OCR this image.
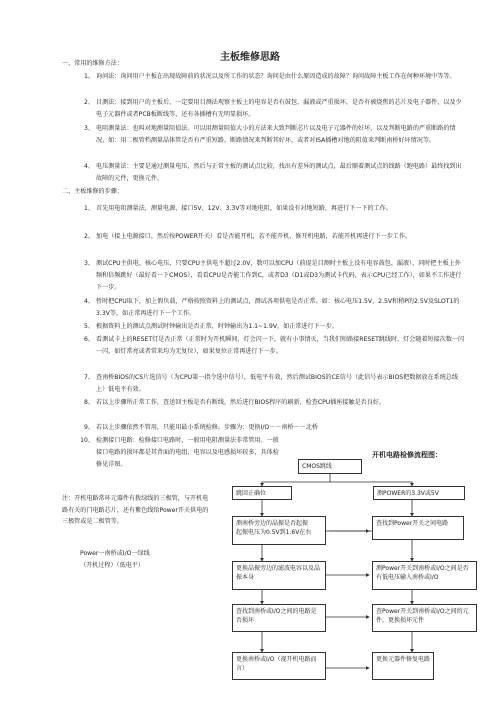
主板维修思路
一、常用的维修方法：
1、 询问法：询问用户主板在出现故障前的状况以及所工作的状态？询问是由什么原因造成的故障？询问故障主板工作在何种环境中等等。
2、 目测法：接到用户的主板后，一定要用目测法观察主板上的电容是否有鼓包、漏液或严重损坏，是否有被烧焦的芯片及电子器件，以及少电子元器件或者PCB板断线等，还有各插槽有无明显损坏。
3、 电阻测量法：也叫对地测量阻值法。可以用测量阻值大小的方法来大致判断芯片以及电子元器件的好坏，以及判断电路的严重断路的情况。如：用二极管档测量晶体管是否有严重短路、断路情况来判断其好坏，或者对ISA插槽对地的阻值来判断南桥好坏情况等。
4、 电压测量法：主要是通过测量电压，然后与正常主板的测试点比较，找出有差异的测试点，最后顺着测试点的线路（跑电路）最终找到出故障的元件，更换元件。
二、主板维修的步骤：
1、 首先用电阻测量法，测量电源、接口5V、12V、3.3V等对地电阻，如果没有对地短路，再进行下一下的工作。
2、 加电（接上电源接口，然后按POWER开关）看是否能开机，若不能开机，修开机电路，若能开机再进行下一步工作。
3、 测试CPU主供电、核心电压，只要CPU主供电不超过2.0V，数可以加CPU（前提是目测时主板上没有电容鼓包、漏液），同时把主板上外频和倍频跳好（最好看一下CMOS），看看CPU是否能工作到C，或者D3（D1或D3为测试卡代码，表示CPU已经工作），如果不工作进行下一步。
4、 暂时把CPU取下，加上假负载，严格按照资料上的测试点，测试各项供电是否正常。如：核心电压1.5V，2.5V和稍P的2.5V及SLOT1的3.3V等，如正常再进行下一个工作。
5、 根据资料上的测试点测试时钟输出是否正常，时钟输出为1.1~1.9V，如正常进行下一步。
6、 看测试卡上的RESET灯是否正常（正常时为开机瞬间，灯会闪一下，就有小事情灭，当我们短路接RESET跳线时，灯会随着短接次数一闪一闪，如灯常亮或者常来均为无复位），如果复位正常再进行下一步。
7、 查南桥BIOS的CS片选信号（为CPU第一指令选中信号），低电平有效，然后测试BIOS的CE信号（此信号表示BIOS把数据放在系统总线上）低电平有效。
8、 若以上步骤所正常工作，查送回主板是否有断线，然后进行BIOS程序的刷新，检查CPU插座接触是否良好。
9、 若以上步骤依然不管用，只能用最小系统检修。步骤为：更换I/O－－南桥－－北桥
10、 检测接口电路：检修接口电路时，一般用电阻测量法非常管用。一般接口电路的损坏都是其背面的电组、电容以及电感损坏较多，具体检修见详图。
开机电路检修流程图：
注：开机电路常环元器件有拨绿线的三极管，与开机电路有关的门电路芯片，还有紫色线给Power开关供电的三极管或是二极管等。
Power一南桥或I/O一绿线
（开机过程）（低电平）
CMOS跳线
跳回正确位	测POWER的3.3V或5V
测南桥旁边的晶振是否起振
起振电压为0.5V到1.6V在右
查找到Power开关之间电路
更换晶振旁边的滤波电容以及晶振本身
测Power开关到南桥或I/O之间是否有低电压输入南桥或I/O
查找到南桥或I/O之间的电路是否损坏
查Power开关到南桥或I/O之间的元件，更换损坏元件
更换南桥或I/O（视开机电路而言）
更换元器件修复电路
